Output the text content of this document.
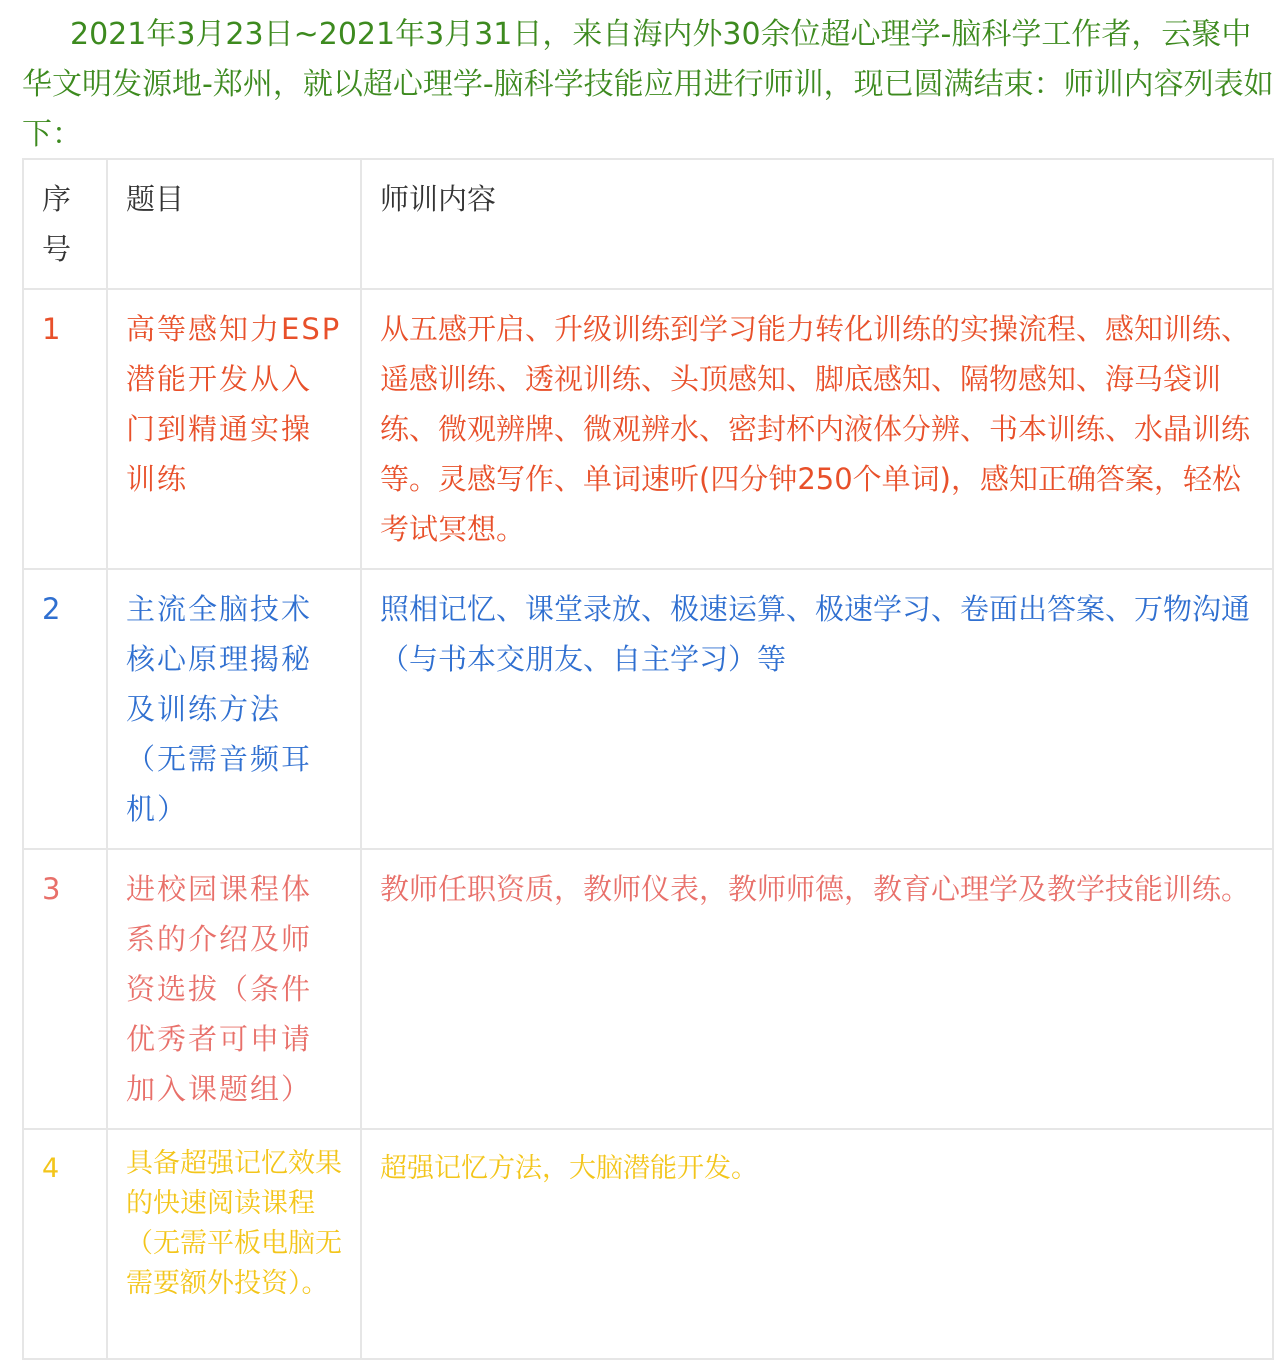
2021年3月23日~2021年3月31日，来自海内外30余位超心理学-脑科学工作者，云聚中华文明发源地-郑州，就以超心理学-脑科学技能应用进行师训，现已圆满结束：师训内容列表如下：
序号	题目	师训内容
1	高等感知力ESP潜能开发从入门到精通实操训练	从五感开启、升级训练到学习能力转化训练的实操流程、感知训练、遥感训练、透视训练、头顶感知、脚底感知、隔物感知、海马袋训练、微观辨牌、微观辨水、密封杯内液体分辨、书本训练、水晶训练等。灵感写作、单词速听(四分钟250个单词)，感知正确答案，轻松考试冥想。
2	主流全脑技术核心原理揭秘及训练方法（无需音频耳机）	照相记忆、课堂录放、极速运算、极速学习、卷面出答案、万物沟通（与书本交朋友、自主学习）等
3	进校园课程体系的介绍及师资选拔（条件优秀者可申请加入课题组）	教师任职资质，教师仪表，教师师德，教育心理学及教学技能训练。
4	具备超强记忆效果的快速阅读课程（无需平板电脑无需要额外投资）。	超强记忆方法，大脑潜能开发。
